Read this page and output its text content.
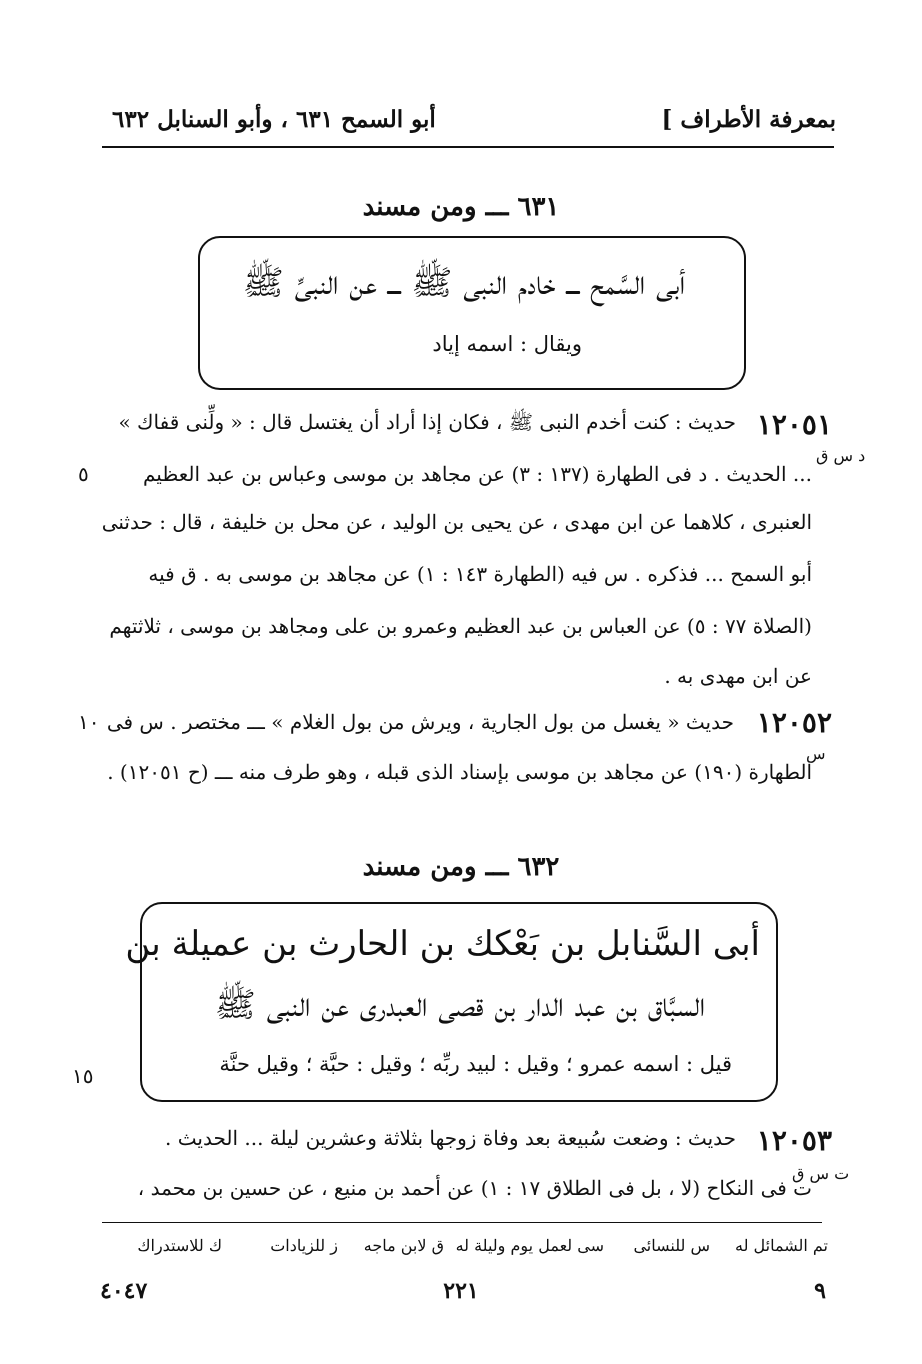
بمعرفة الأطراف ]
أبو السمح ٦٣١ ، وأبو السنابل ٦٣٢
٦٣١ ـــ ومن مسند
أبى السَّمح ـــ خادم النبى ﷺ ـــ عن النبىِّ ﷺ
ويقال : اسمه إياد
١٢٠٥١
حديث : كنت أخدم النبى ﷺ ، فكان إذا أراد أن يغتسل قال : « ولِّنى قفاك »
د س ق
... الحديث . د فى الطهارة (١٣٧ : ٣) عن مجاهد بن موسى وعباس بن عبد العظيم
٥
العنبرى ، كلاهما عن ابن مهدى ، عن يحيى بن الوليد ، عن محل بن خليفة ، قال : حدثنى
أبو السمح ... فذكره . س فيه (الطهارة ١٤٣ : ١) عن مجاهد بن موسى به . ق فيه
(الصلاة ٧٧ : ٥) عن العباس بن عبد العظيم وعمرو بن على ومجاهد بن موسى ، ثلاثتهم
عن ابن مهدى به .
١٢٠٥٢
حديث « يغسل من بول الجارية ، ويرش من بول الغلام » ـــ مختصر . س فى
١٠
س
الطهارة (١٩٠) عن مجاهد بن موسى بإسناد الذى قبله ، وهو طرف منه ـــ (ح ١٢٠٥١) .
٦٣٢ ـــ ومن مسند
أبى السَّنابل بن بَعْكك بن الحارث بن عميلة بن
السبَّاق بن عبد الدار بن قصى العبدرى عن النبى ﷺ
قيل : اسمه عمرو ؛ وقيل : لبيد ربِّه ؛ وقيل : حبَّة ؛ وقيل حنَّة
١٥
١٢٠٥٣
حديث : وضعت سُبيعة بعد وفاة زوجها بثلاثة وعشرين ليلة ... الحديث .
ت س ق
ت فى النكاح (لا ، بل فى الطلاق ١٧ : ١) عن أحمد بن منيع ، عن حسين بن محمد ،
تم الشمائل له
س للنسائى
سى لعمل يوم وليلة له
ق لابن ماجه
ز للزيادات
ك للاستدراك
٩
٢٢١
٤٠٤٧
